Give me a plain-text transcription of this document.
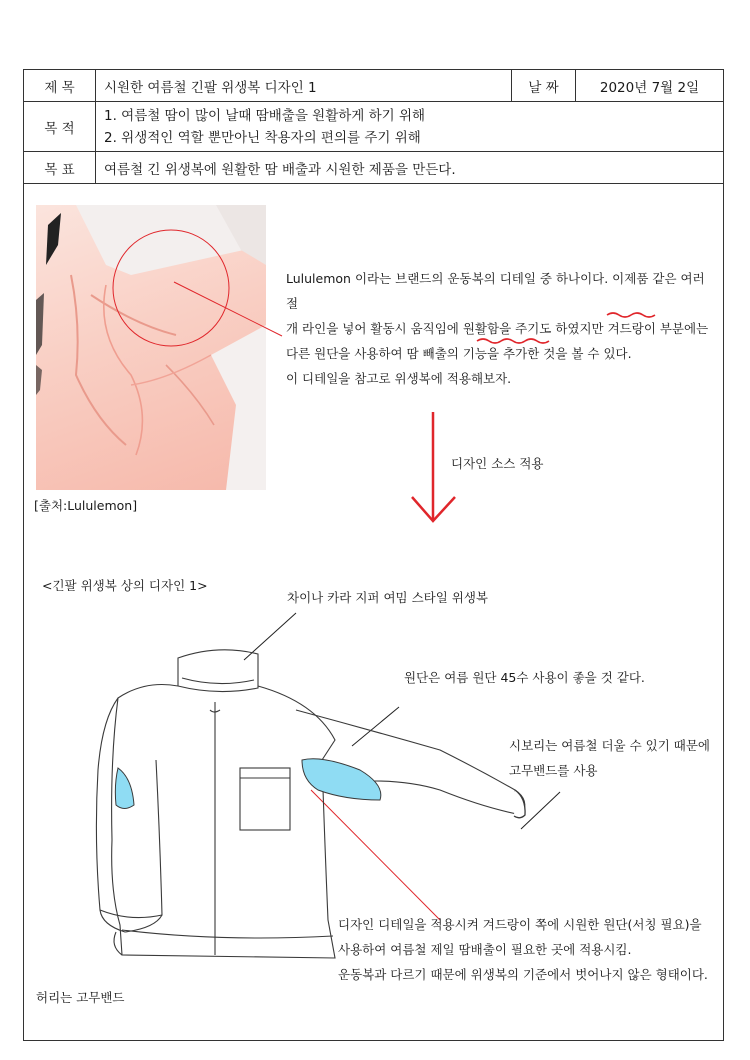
제 목	시원한 여름철 긴팔 위생복 디자인 1	날 짜	2020년 7월 2일
목 적	1. 여름철 땀이 많이 날때 땀배출을 원활하게 하기 위해
2. 위생적인 역할 뿐만아닌 착용자의 편의를 주기 위해		

목 표	여름철 긴 위생복에 원활한 땀 배출과 시원한 제품을 만든다.		
[출처:Lululemon]
Lululemon 이라는 브랜드의 운동복의 디테일 중 하나이다. 이제품 같은 여러 절
개 라인을 넣어 활동시 움직임에 원활함을 주기도 하였지만 겨드랑이 부분에는
다른 원단을 사용하여 땀 빼출의 기능을 추가한 것을 볼 수 있다.
이 디테일을 참고로 위생복에 적용해보자.
디자인 소스 적용
<긴팔 위생복 상의 디자인 1>
차이나 카라 지퍼 여밈 스타일 위생복
원단은 여름 원단 45수 사용이 좋을 것 같다.
시보리는 여름철 더울 수 있기 때문에
고무밴드를 사용
디자인 디테일을 적용시켜 겨드랑이 쪽에 시원한 원단(서칭 필요)을
사용하여 여름철 제일 땀배출이 필요한 곳에 적용시킴.
운동복과 다르기 때문에 위생복의 기준에서 벗어나지 않은 형태이다.
허리는 고무밴드
